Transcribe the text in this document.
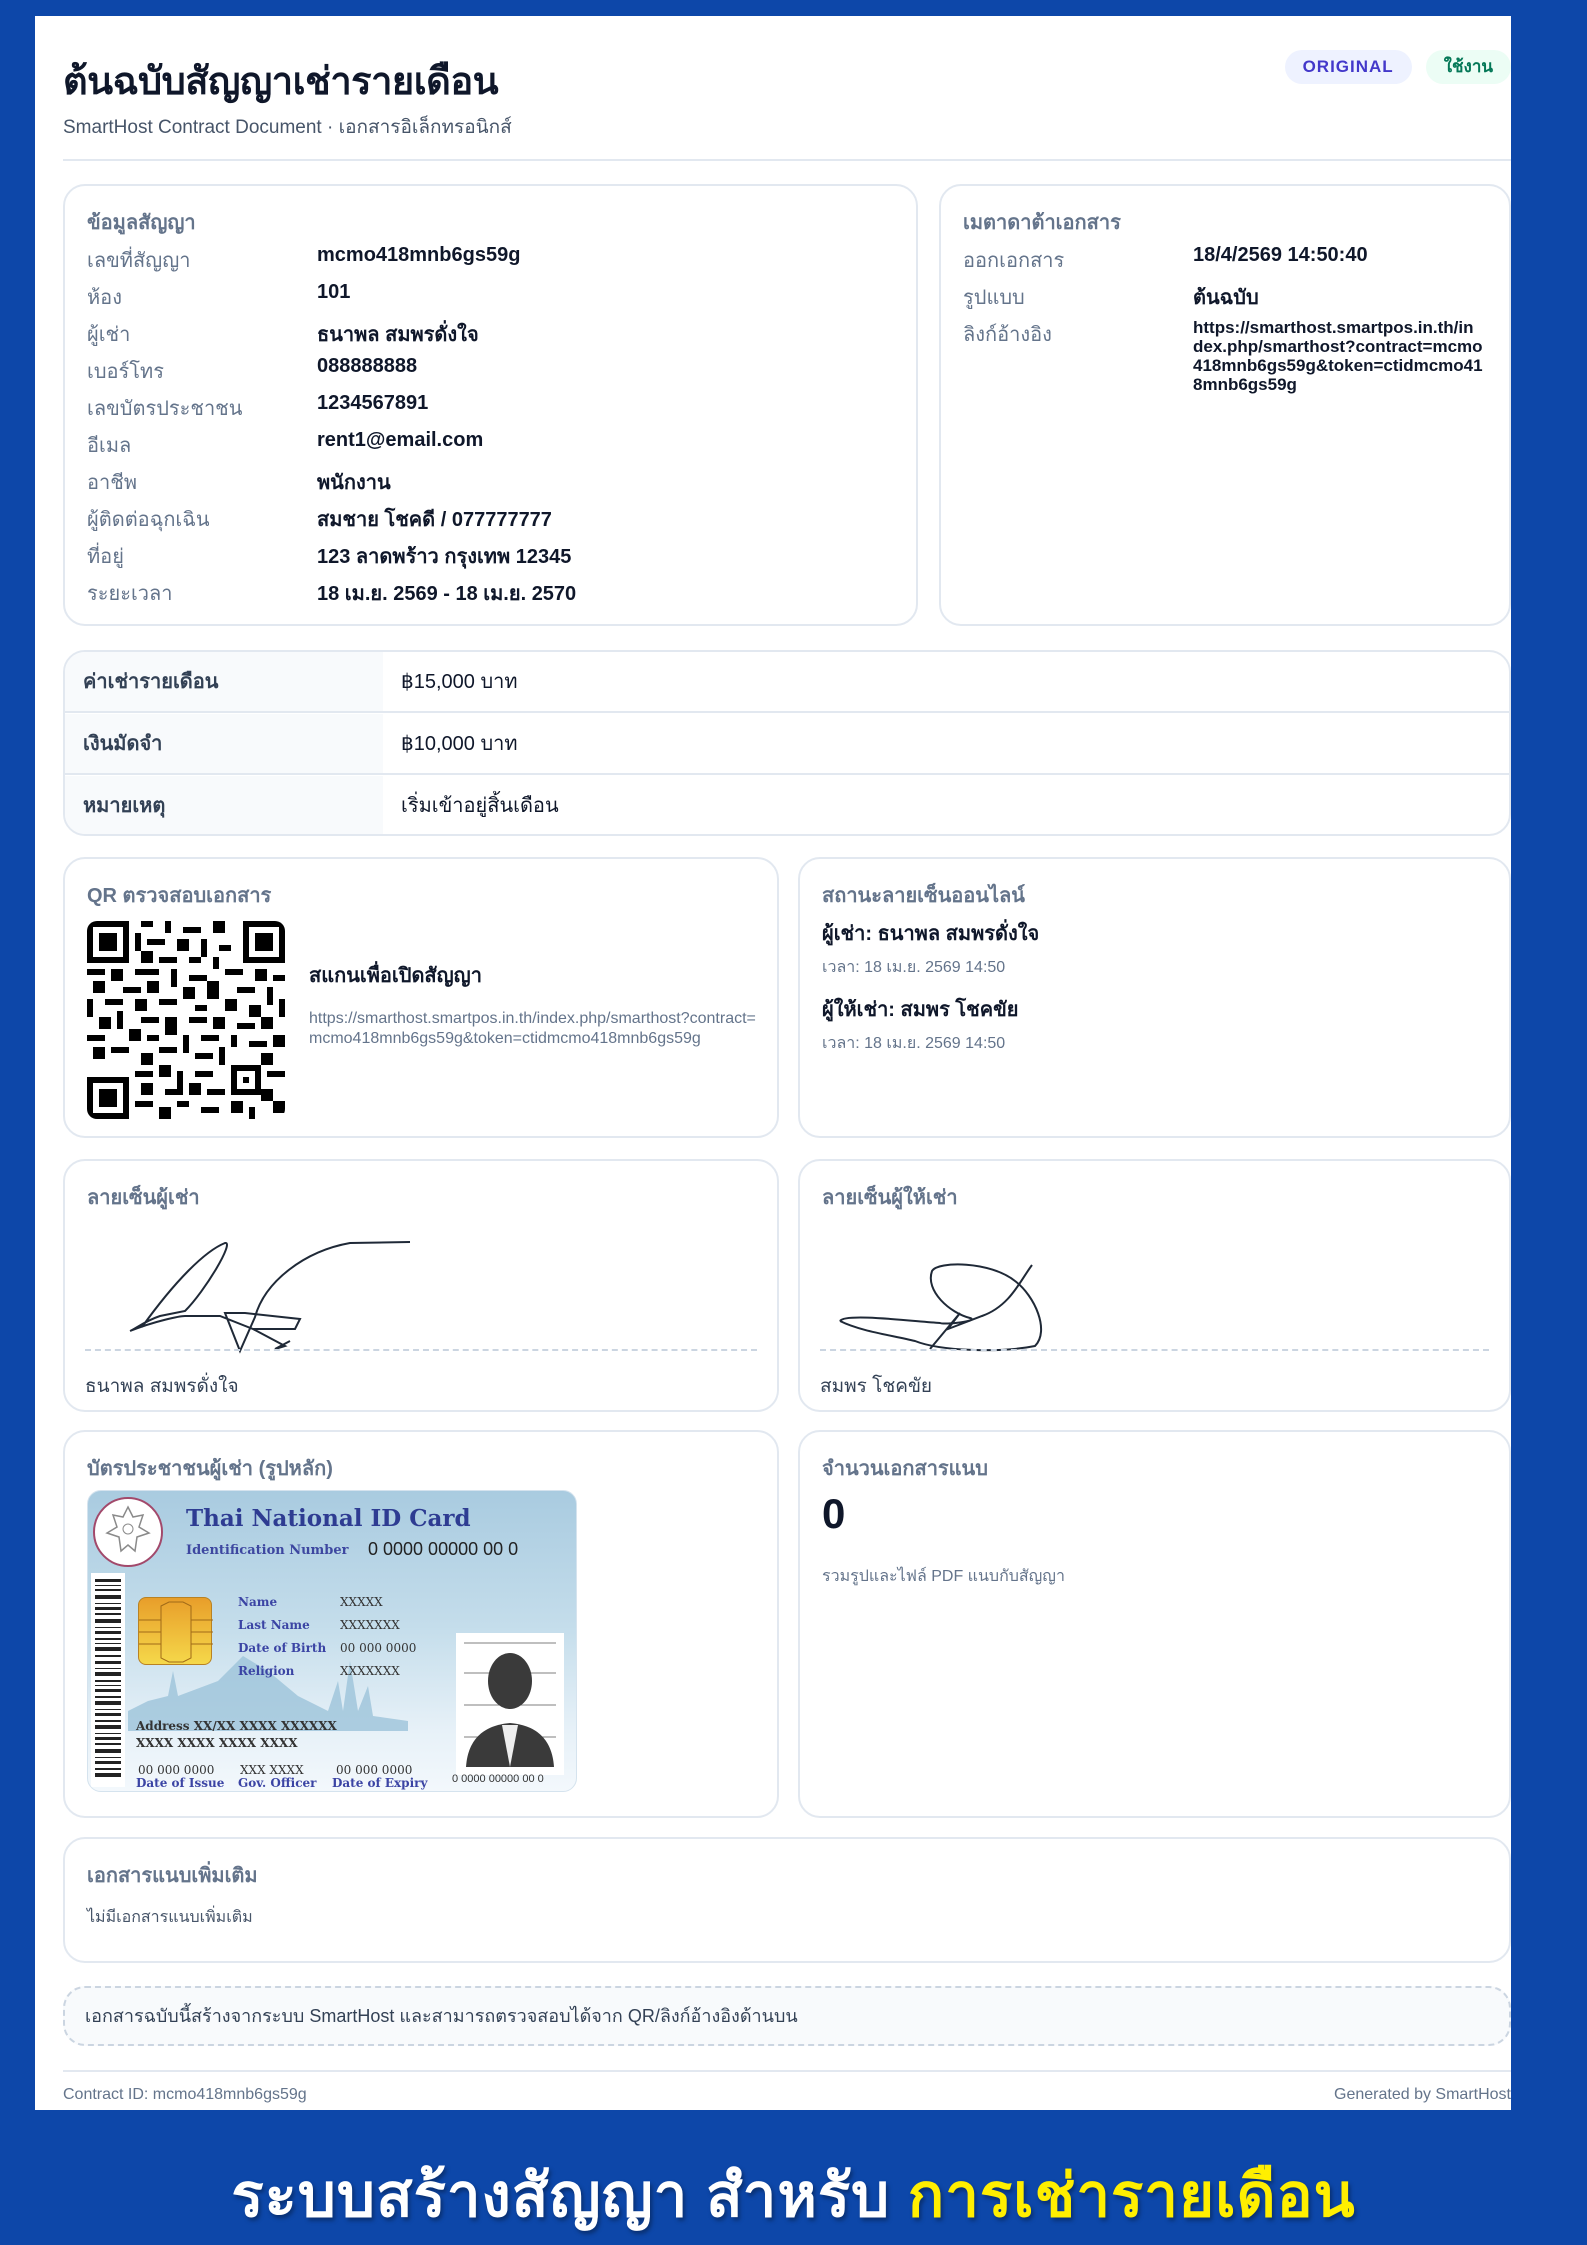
ต้นฉบับสัญญาเช่ารายเดือน
SmartHost Contract Document · เอกสารอิเล็กทรอนิกส์
ORIGINAL	ใช้งาน
ข้อมูลสัญญา
เลขที่สัญญา	mcmo418mnb6gs59g
ห้อง	101
ผู้เช่า	ธนาพล สมพรดั่งใจ
เบอร์โทร	088888888
เลขบัตรประชาชน	1234567891
อีเมล	rent1@email.com
อาชีพ	พนักงาน
ผู้ติดต่อฉุกเฉิน	สมชาย โชคดี / 077777777
ที่อยู่	123 ลาดพร้าว กรุงเทพ 12345
ระยะเวลา	18 เม.ย. 2569 - 18 เม.ย. 2570
เมตาดาต้าเอกสาร
ออกเอกสาร	18/4/2569 14:50:40
รูปแบบ	ต้นฉบับ
ลิงก์อ้างอิง	https://smarthost.smartpos.in.th/index.php/smarthost?contract=mcmo418mnb6gs59g&token=ctidmcmo418mnb6gs59g
ค่าเช่ารายเดือน	฿15,000 บาท
เงินมัดจำ	฿10,000 บาท
หมายเหตุ	เริ่มเข้าอยู่สิ้นเดือน
QR ตรวจสอบเอกสาร
สแกนเพื่อเปิดสัญญา
https://smarthost.smartpos.in.th/index.php/smarthost?contract=mcmo418mnb6gs59g&token=ctidmcmo418mnb6gs59g
สถานะลายเซ็นออนไลน์
ผู้เช่า: ธนาพล สมพรดั่งใจ
เวลา: 18 เม.ย. 2569 14:50
ผู้ให้เช่า: สมพร โชคขัย
เวลา: 18 เม.ย. 2569 14:50
ลายเซ็นผู้เช่า
ธนาพล สมพรดั่งใจ
ลายเซ็นผู้ให้เช่า
สมพร โชคขัย
บัตรประชาชนผู้เช่า (รูปหลัก)
Thai National ID Card
Identification Number 0 0000 00000 00 0
Name	XXXXX
Last Name	XXXXXXX
Date of Birth 00 000 0000
Religion	XXXXXXX
Address XX/XX XXXX XXXXXX
XXXX XXXX XXXX XXXX
00 000 0000
Date of Issue
XXX XXXX
Gov. Officer
00 000 0000
Date of Expiry 0 0000 00000 00 0
จำนวนเอกสารแนบ
0
รวมรูปและไฟล์ PDF แนบกับสัญญา
เอกสารแนบเพิ่มเติม
ไม่มีเอกสารแนบเพิ่มเติม
เอกสารฉบับนี้สร้างจากระบบ SmartHost และสามารถตรวจสอบได้จาก QR/ลิงก์อ้างอิงด้านบน
Contract ID: mcmo418mnb6gs59g	Generated by SmartHost
ระบบสร้างสัญญา สำหรับ การเช่ารายเดือน
